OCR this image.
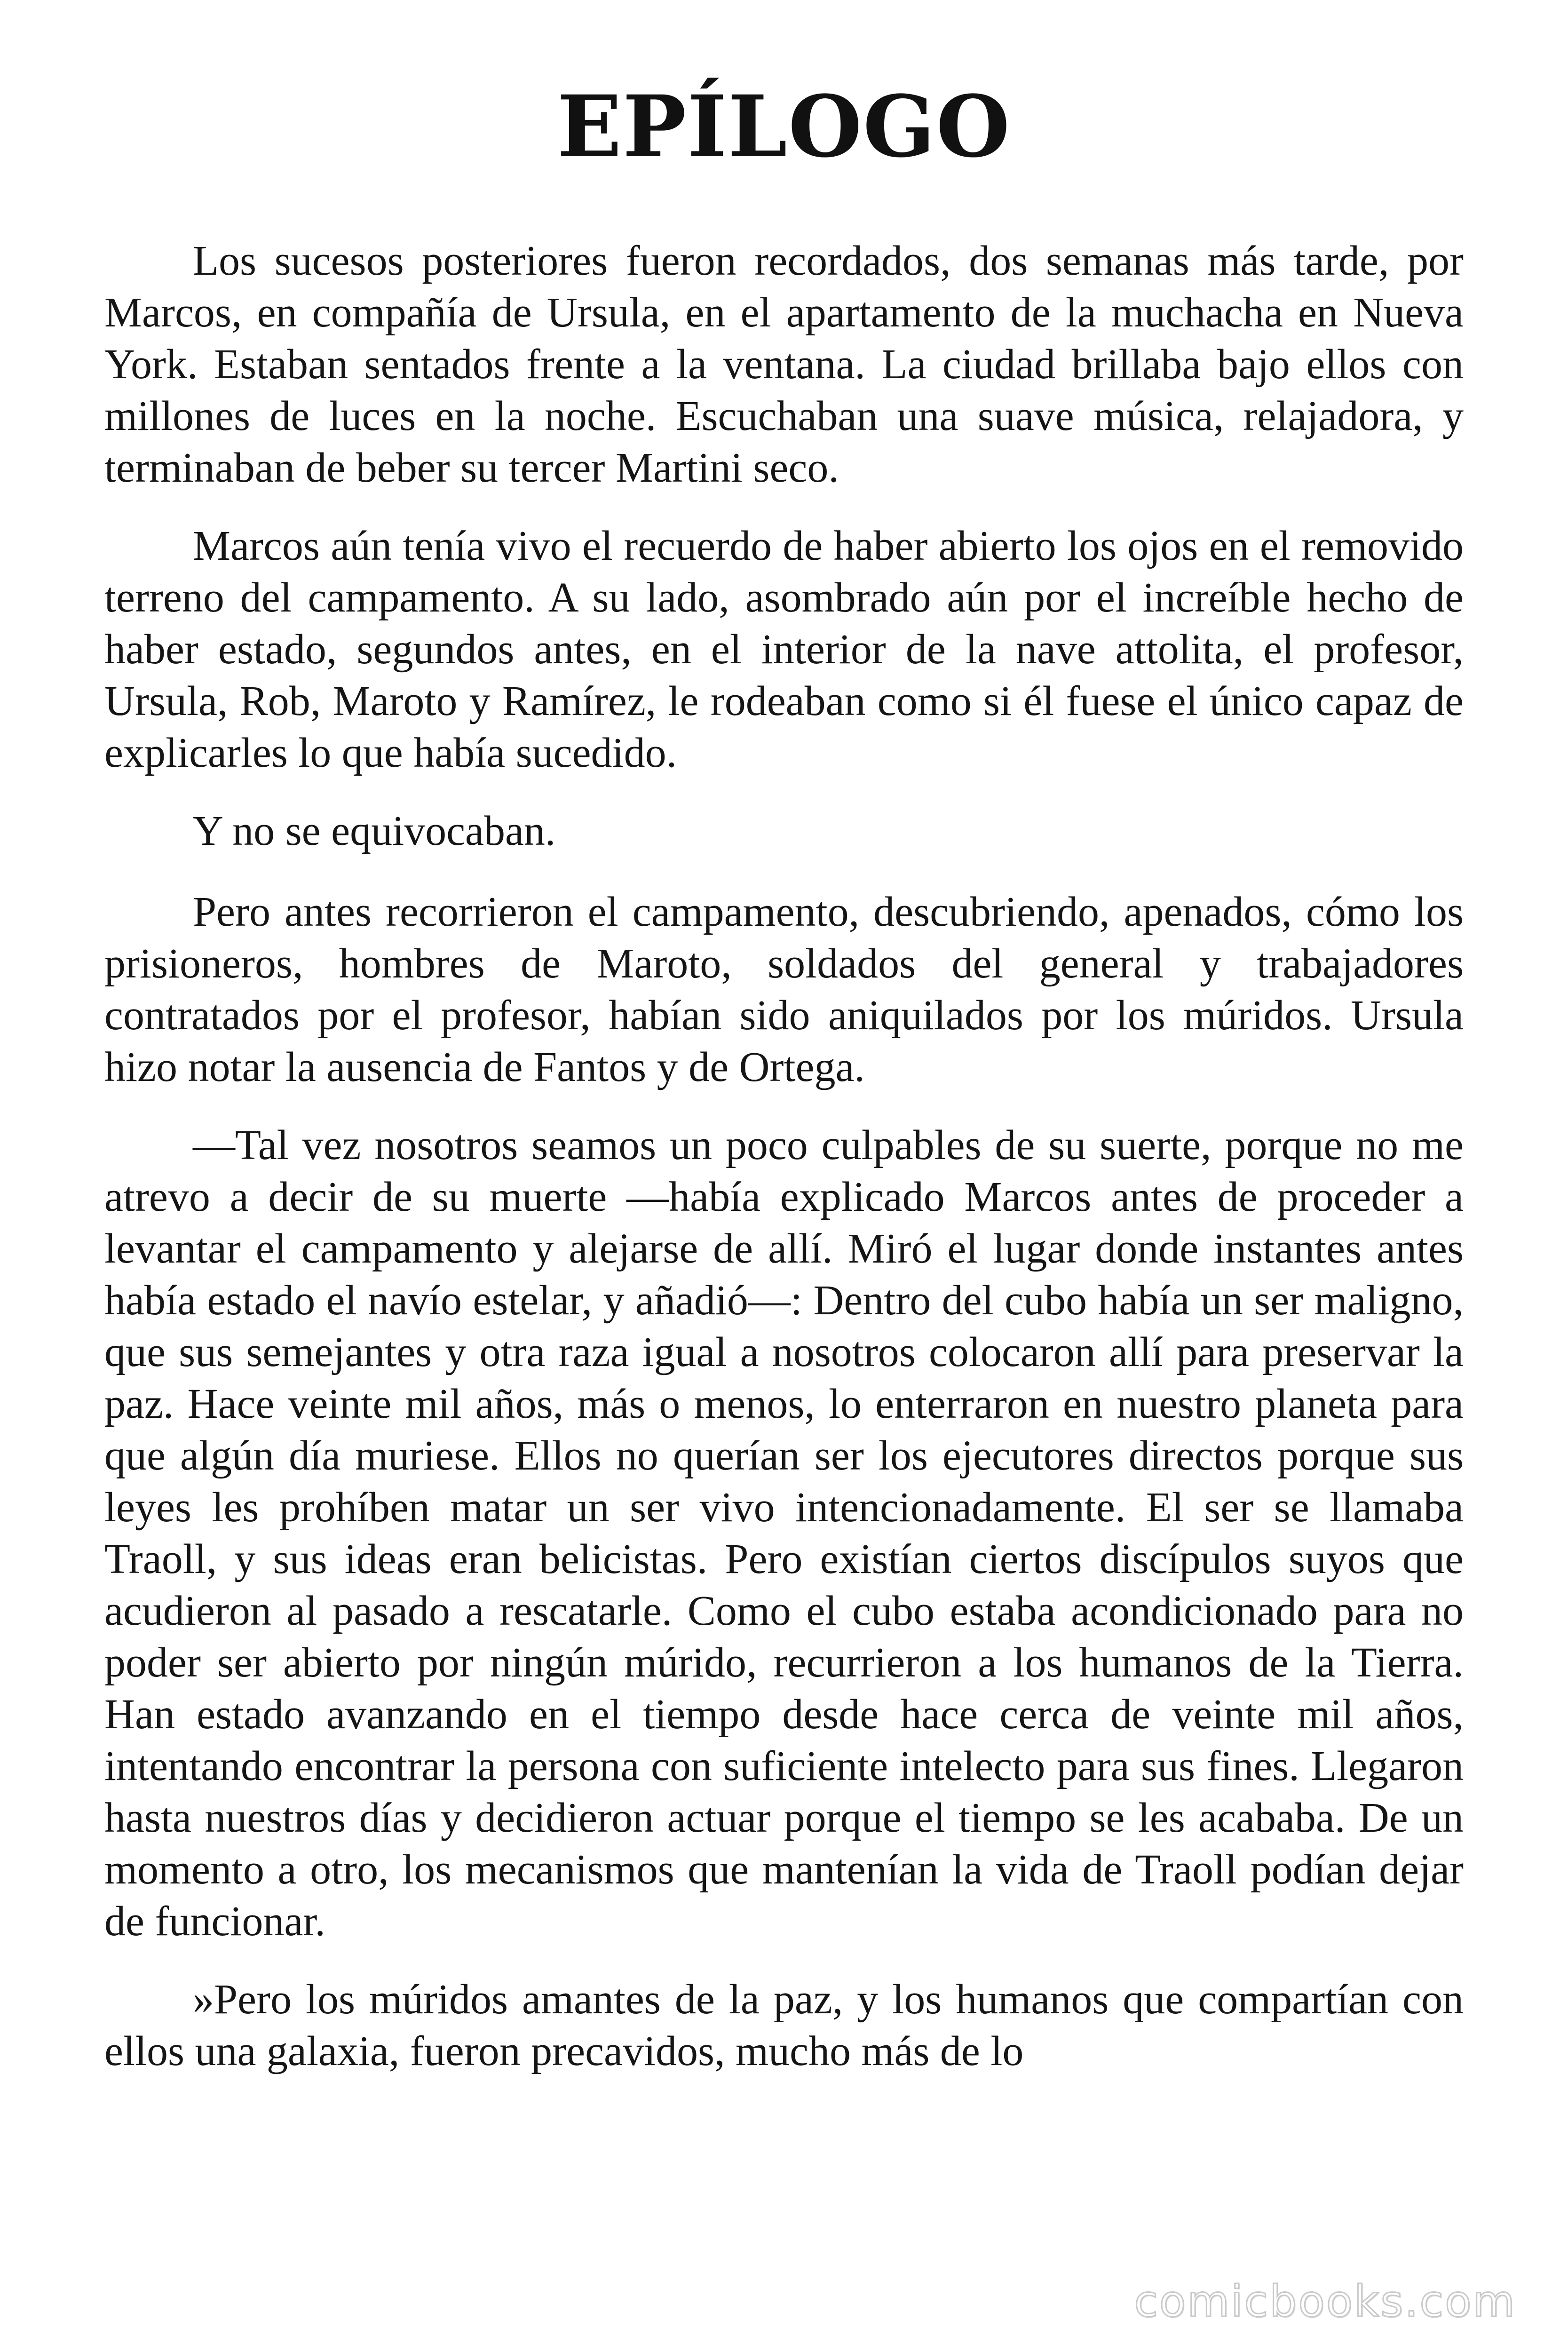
EPÍLOGO

Los sucesos posteriores fueron recordados, dos semanas más tarde, por Marcos, en compañía de Ursula, en el apartamento de la muchacha en Nueva York. Estaban sentados frente a la ventana. La ciudad brillaba bajo ellos con millones de luces en la noche. Escuchaban una suave música, relajadora, y terminaban de beber su tercer Martini seco.

Marcos aún tenía vivo el recuerdo de haber abierto los ojos en el removido terreno del campamento. A su lado, asombrado aún por el increíble hecho de haber estado, segundos antes, en el interior de la nave attolita, el profesor, Ursula, Rob, Maroto y Ramírez, le rodeaban como si él fuese el único capaz de explicarles lo que había sucedido.

Y no se equivocaban.

Pero antes recorrieron el campamento, descubriendo, apenados, cómo los prisioneros, hombres de Maroto, soldados del general y trabajadores contratados por el profesor, habían sido aniquilados por los múridos. Ursula hizo notar la ausencia de Fantos y de Ortega.

—Tal vez nosotros seamos un poco culpables de su suerte, porque no me atrevo a decir de su muerte —había explicado Marcos antes de proceder a levantar el campamento y alejarse de allí. Miró el lugar donde instantes antes había estado el navío estelar, y añadió—: Dentro del cubo había un ser maligno, que sus semejantes y otra raza igual a nosotros colocaron allí para preservar la paz. Hace veinte mil años, más o menos, lo enterraron en nuestro planeta para que algún día muriese. Ellos no querían ser los ejecutores directos porque sus leyes les prohíben matar un ser vivo intencionadamente. El ser se llamaba Traoll, y sus ideas eran belicistas. Pero existían ciertos discípulos suyos que acudieron al pasado a rescatarle. Como el cubo estaba acondicionado para no poder ser abierto por ningún múrido, recurrieron a los humanos de la Tierra. Han estado avanzando en el tiempo desde hace cerca de veinte mil años, intentando encontrar la persona con suficiente intelecto para sus fines. Llegaron hasta nuestros días y decidieron actuar porque el tiempo se les acababa. De un momento a otro, los mecanismos que mantenían la vida de Traoll podían dejar de funcionar.

»Pero los múridos amantes de la paz, y los humanos que compartían con ellos una galaxia, fueron precavidos, mucho más de lo

comicbooks.com
